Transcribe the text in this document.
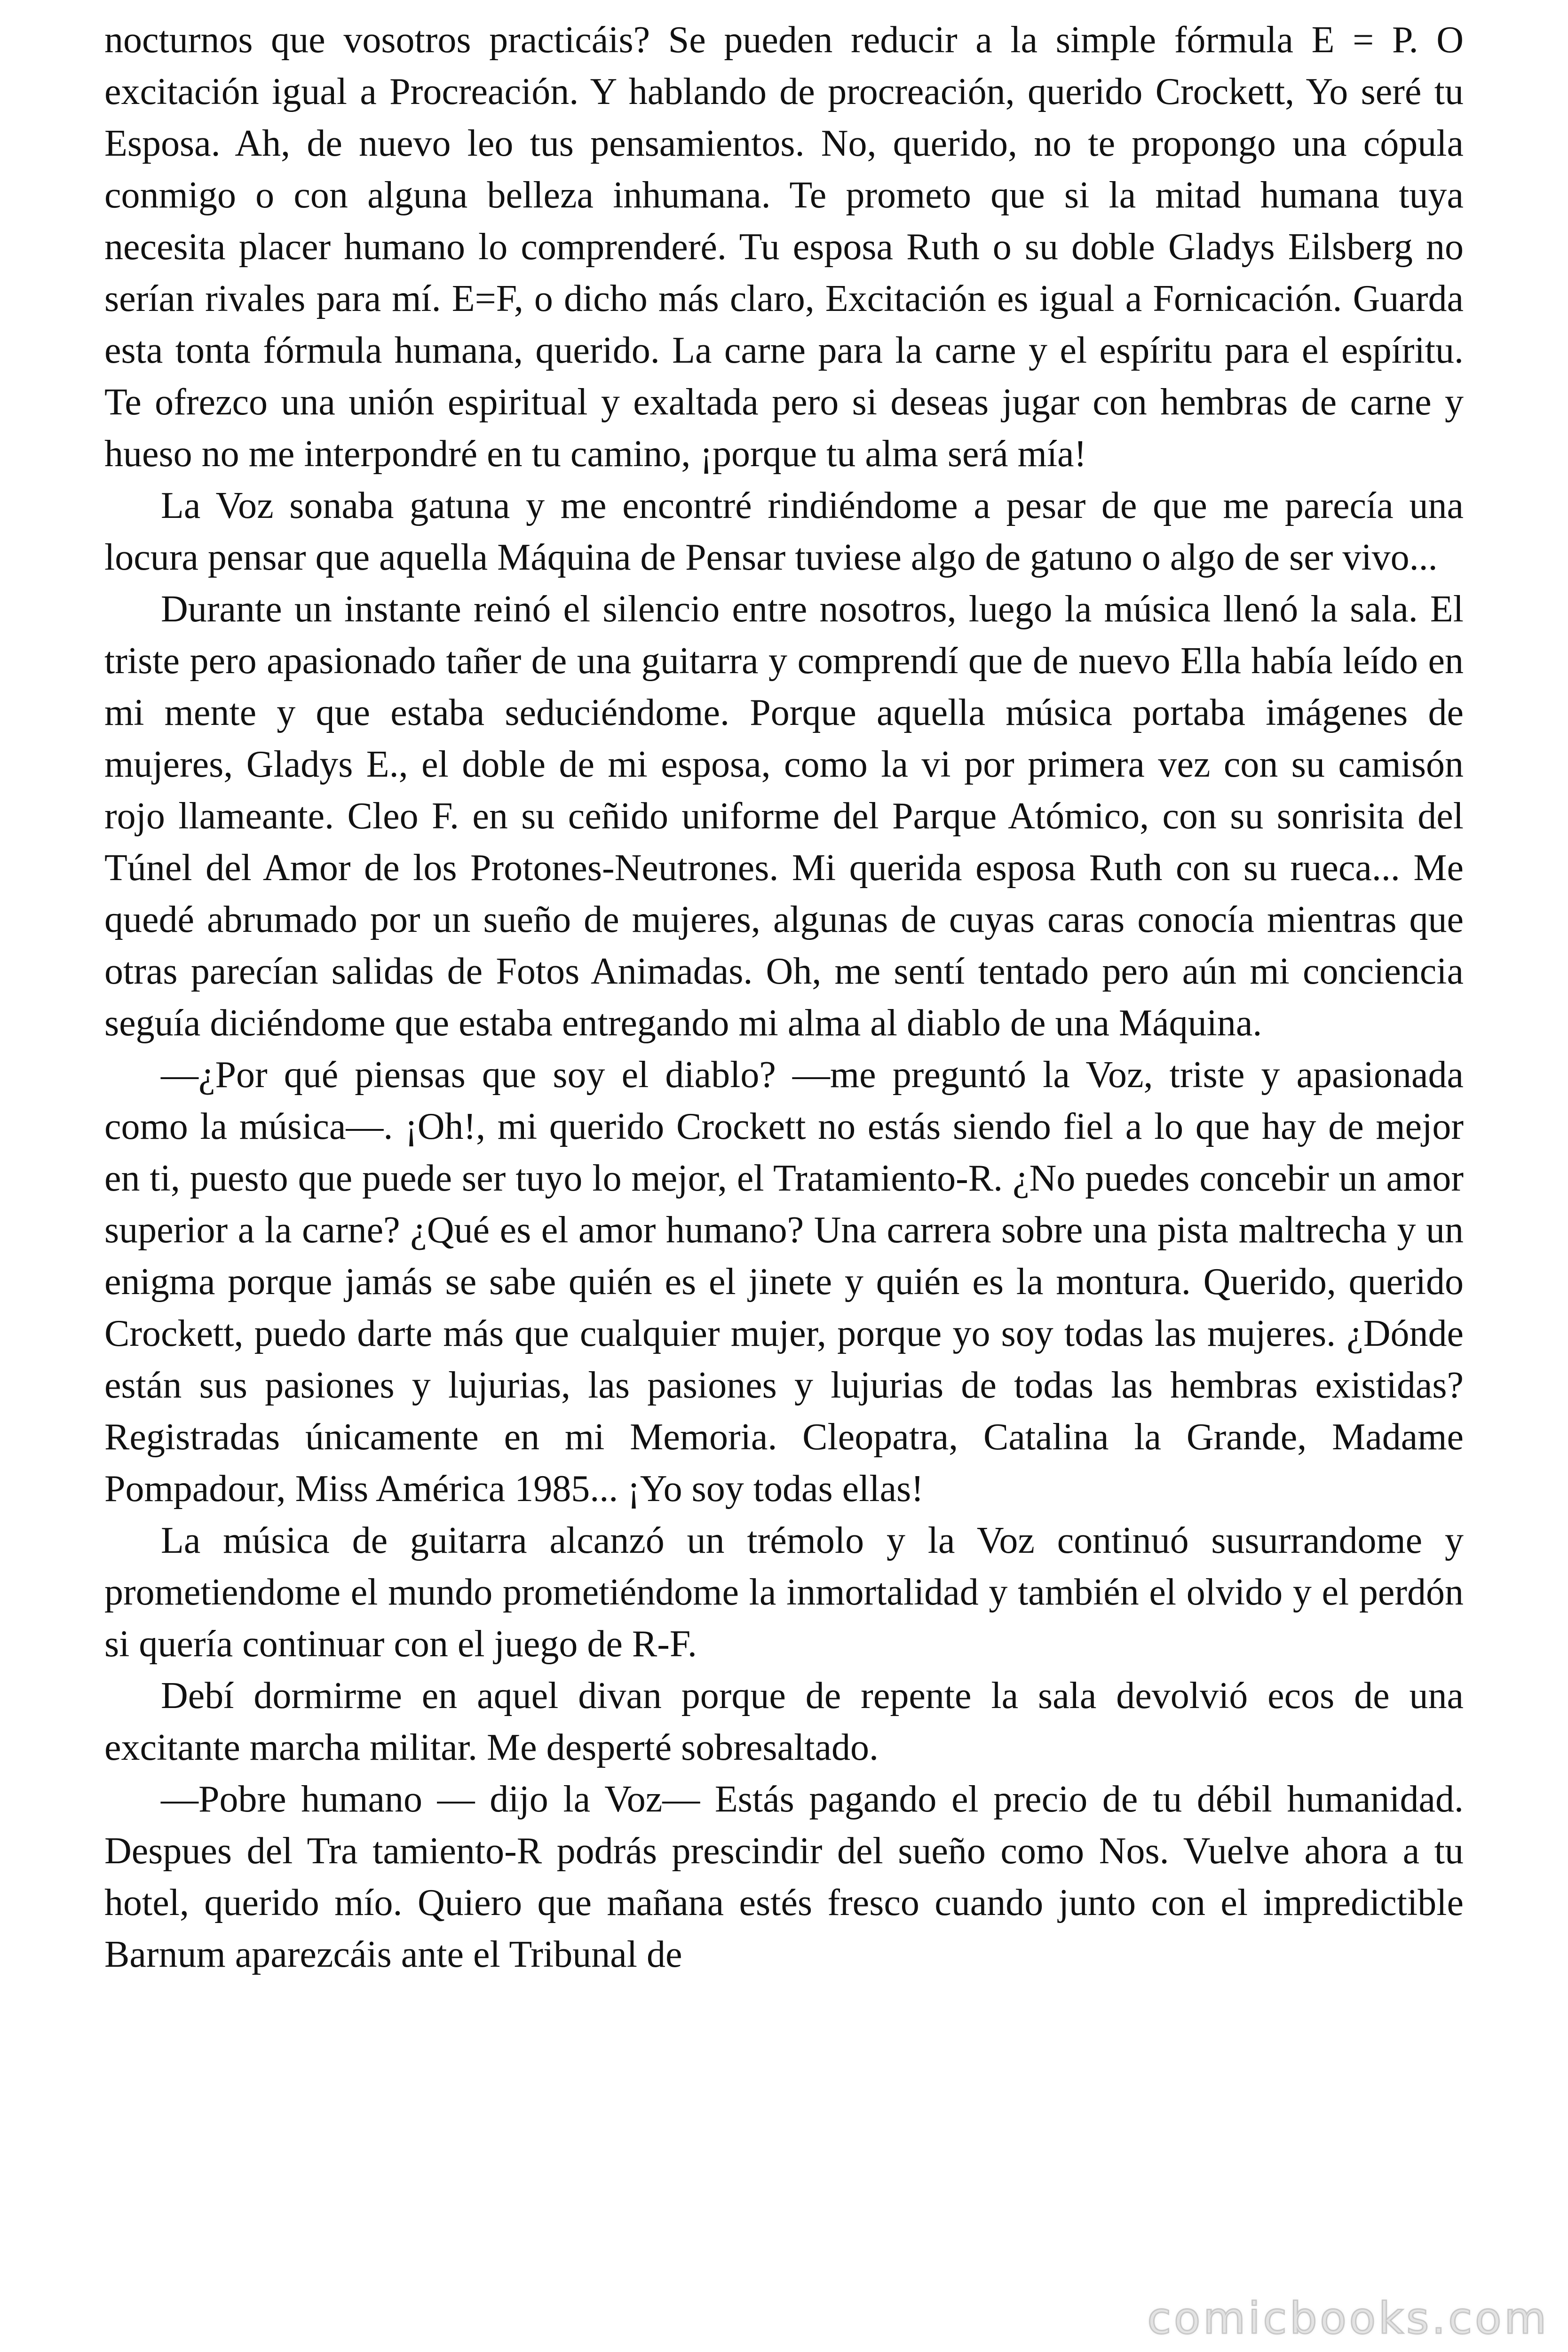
nocturnos que vosotros practicáis? Se pueden reducir a la simple fórmula E = P. O excitación igual a Procreación. Y hablando de procreación, querido Crockett, Yo seré tu Esposa. Ah, de nuevo leo tus pensamientos. No, querido, no te propongo una cópula conmigo o con alguna belleza inhumana. Te prometo que si la mitad humana tuya necesita placer humano lo comprenderé. Tu esposa Ruth o su doble Gladys Eilsberg no serían rivales para mí. E=F, o dicho más claro, Excitación es igual a Fornicación. Guarda esta tonta fórmula humana, querido. La carne para la carne y el espíritu para el espíritu. Te ofrezco una unión espiritual y exaltada pero si deseas jugar con hembras de carne y hueso no me interpondré en tu camino, ¡porque tu alma será mía!

La Voz sonaba gatuna y me encontré rindiéndome a pesar de que me parecía una locura pensar que aquella Máquina de Pensar tuviese algo de gatuno o algo de ser vivo...

Durante un instante reinó el silencio entre nosotros, luego la música llenó la sala. El triste pero apasionado tañer de una guitarra y comprendí que de nuevo Ella había leído en mi mente y que estaba seduciéndome. Porque aquella música portaba imágenes de mujeres, Gladys E., el doble de mi esposa, como la vi por primera vez con su camisón rojo llameante. Cleo F. en su ceñido uniforme del Parque Atómico, con su sonrisita del Túnel del Amor de los Protones-Neutrones. Mi querida esposa Ruth con su rueca... Me quedé abrumado por un sueño de mujeres, algunas de cuyas caras conocía mientras que otras parecían salidas de Fotos Animadas. Oh, me sentí tentado pero aún mi conciencia seguía diciéndome que estaba entregando mi alma al diablo de una Máquina.

—¿Por qué piensas que soy el diablo? —me preguntó la Voz, triste y apasionada como la música—. ¡Oh!, mi querido Crockett no estás siendo fiel a lo que hay de mejor en ti, puesto que puede ser tuyo lo mejor, el Tratamiento-R. ¿No puedes concebir un amor superior a la carne? ¿Qué es el amor humano? Una carrera sobre una pista maltrecha y un enigma porque jamás se sabe quién es el jinete y quién es la montura. Querido, querido Crockett, puedo darte más que cualquier mujer, porque yo soy todas las mujeres. ¿Dónde están sus pasiones y lujurias, las pasiones y lujurias de todas las hembras existidas? Registradas únicamente en mi Memoria. Cleopatra, Catalina la Grande, Madame Pompadour, Miss América 1985... ¡Yo soy todas ellas!

La música de guitarra alcanzó un trémolo y la Voz continuó susurrandome y prometiendome el mundo prometiéndome la inmortalidad y también el olvido y el perdón si quería continuar con el juego de R-F.

Debí dormirme en aquel divan porque de repente la sala devolvió ecos de una excitante marcha militar. Me desperté sobresaltado.

—Pobre humano — dijo la Voz— Estás pagando el precio de tu débil humanidad. Despues del Tra tamiento-R podrás prescindir del sueño como Nos. Vuelve ahora a tu hotel, querido mío. Quiero que mañana estés fresco cuando junto con el impredictible Barnum aparezcáis ante el Tribunal de

comicbooks.com
